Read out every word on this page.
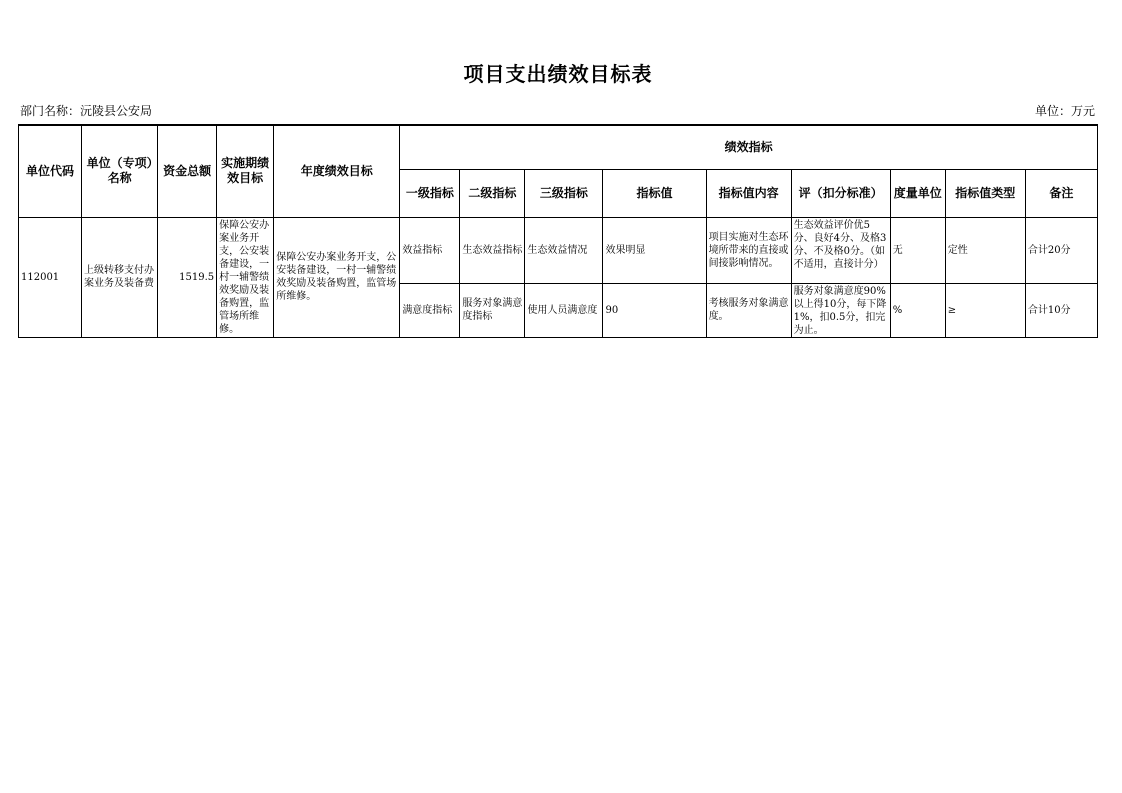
项目支出绩效目标表
部门名称：沅陵县公安局	单位：万元
单位代码	单位（专项）名称	资金总额	实施期绩效目标	年度绩效目标	绩效指标								
					一级指标	二级指标	三级指标	指标值	指标值内容	评（扣分标准）	度量单位	指标值类型	备注
112001	上级转移支付办案业务及装备费	1519.5	保障公安办案业务开支，公安装备建设，一村一辅警绩效奖励及装备购置，监管场所维修。	保障公安办案业务开支，公安装备建设，一村一辅警绩效奖励及装备购置，监管场所维修。	效益指标	生态效益指标	生态效益情况	效果明显	项目实施对生态环境所带来的直接或间接影响情况。	生态效益评价优5分、良好4分、及格3分、不及格0分。（如不适用，直接计分）	无	定性	合计20分
					满意度指标	服务对象满意度指标	使用人员满意度	90	考核服务对象满意度。	服务对象满意度90%以上得10分，每下降1%，扣0.5分，扣完为止。	%	≥	合计10分
